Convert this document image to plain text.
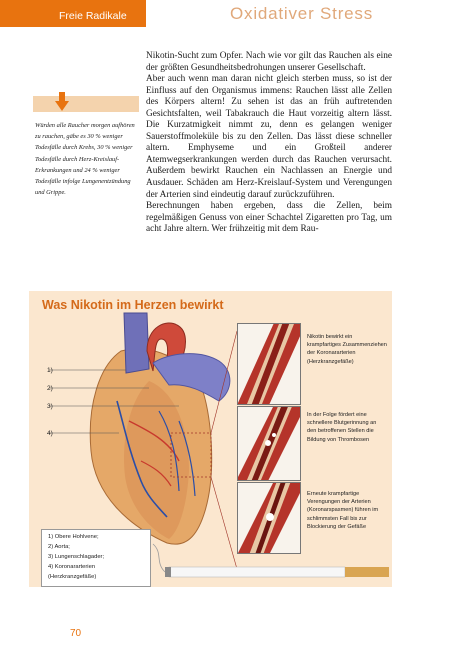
Freie Radikale	Oxidativer Stress

Würden alle Raucher morgen aufhören zu rauchen, gäbe es 30 % weniger Todesfälle durch Krebs, 30 % weniger Todesfälle durch Herz-Kreislauf-Erkrankungen und 24 % weniger Todesfälle infolge Lungenentzündung und Grippe.

Nikotin-Sucht zum Opfer. Nach wie vor gilt das Rauchen als eine der größten Gesundheitsbedrohungen unserer Gesellschaft.

Aber auch wenn man daran nicht gleich sterben muss, so ist der Einfluss auf den Organismus immens: Rauchen lässt alle Zellen des Körpers altern! Zu sehen ist das an früh auftretenden Gesichtsfalten, weil Tabakrauch die Haut vorzeitig altern lässt. Die Kurzatmigkeit nimmt zu, denn es gelangen weniger Sauerstoffmoleküle bis zu den Zellen. Das lässt diese schneller altern. Emphyseme und ein Großteil anderer Atemwegserkrankungen werden durch das Rauchen verursacht. Außerdem bewirkt Rauchen ein Nachlassen an Energie und Ausdauer. Schäden am Herz-Kreislauf-System und Verengungen der Arterien sind eindeutig darauf zurückzuführen.

Berechnungen haben ergeben, dass die Zellen, beim regelmäßigen Genuss von einer Schachtel Zigaretten pro Tag, um acht Jahre altern. Wer frühzeitig mit dem Rau-

Was Nikotin im Herzen bewirkt
1)
2)
3)
4)

Nikotin bewirkt ein krampfartiges Zusammenziehen der Koronararterien (Herzkranzgefäße)

In der Folge fördert eine schnellere Blutgerinnung an den betroffenen Stellen die Bildung von Thrombosen

Erneute krampfartige Verengungen der Arterien (Koronarspasmen) führen im schlimmsten Fall bis zur Blockierung der Gefäße

1) Obere Hohlvene;
2) Aorta;
3) Lungenschlagader;
4) Koronararterien
(Herzkranzgefäße)
70
